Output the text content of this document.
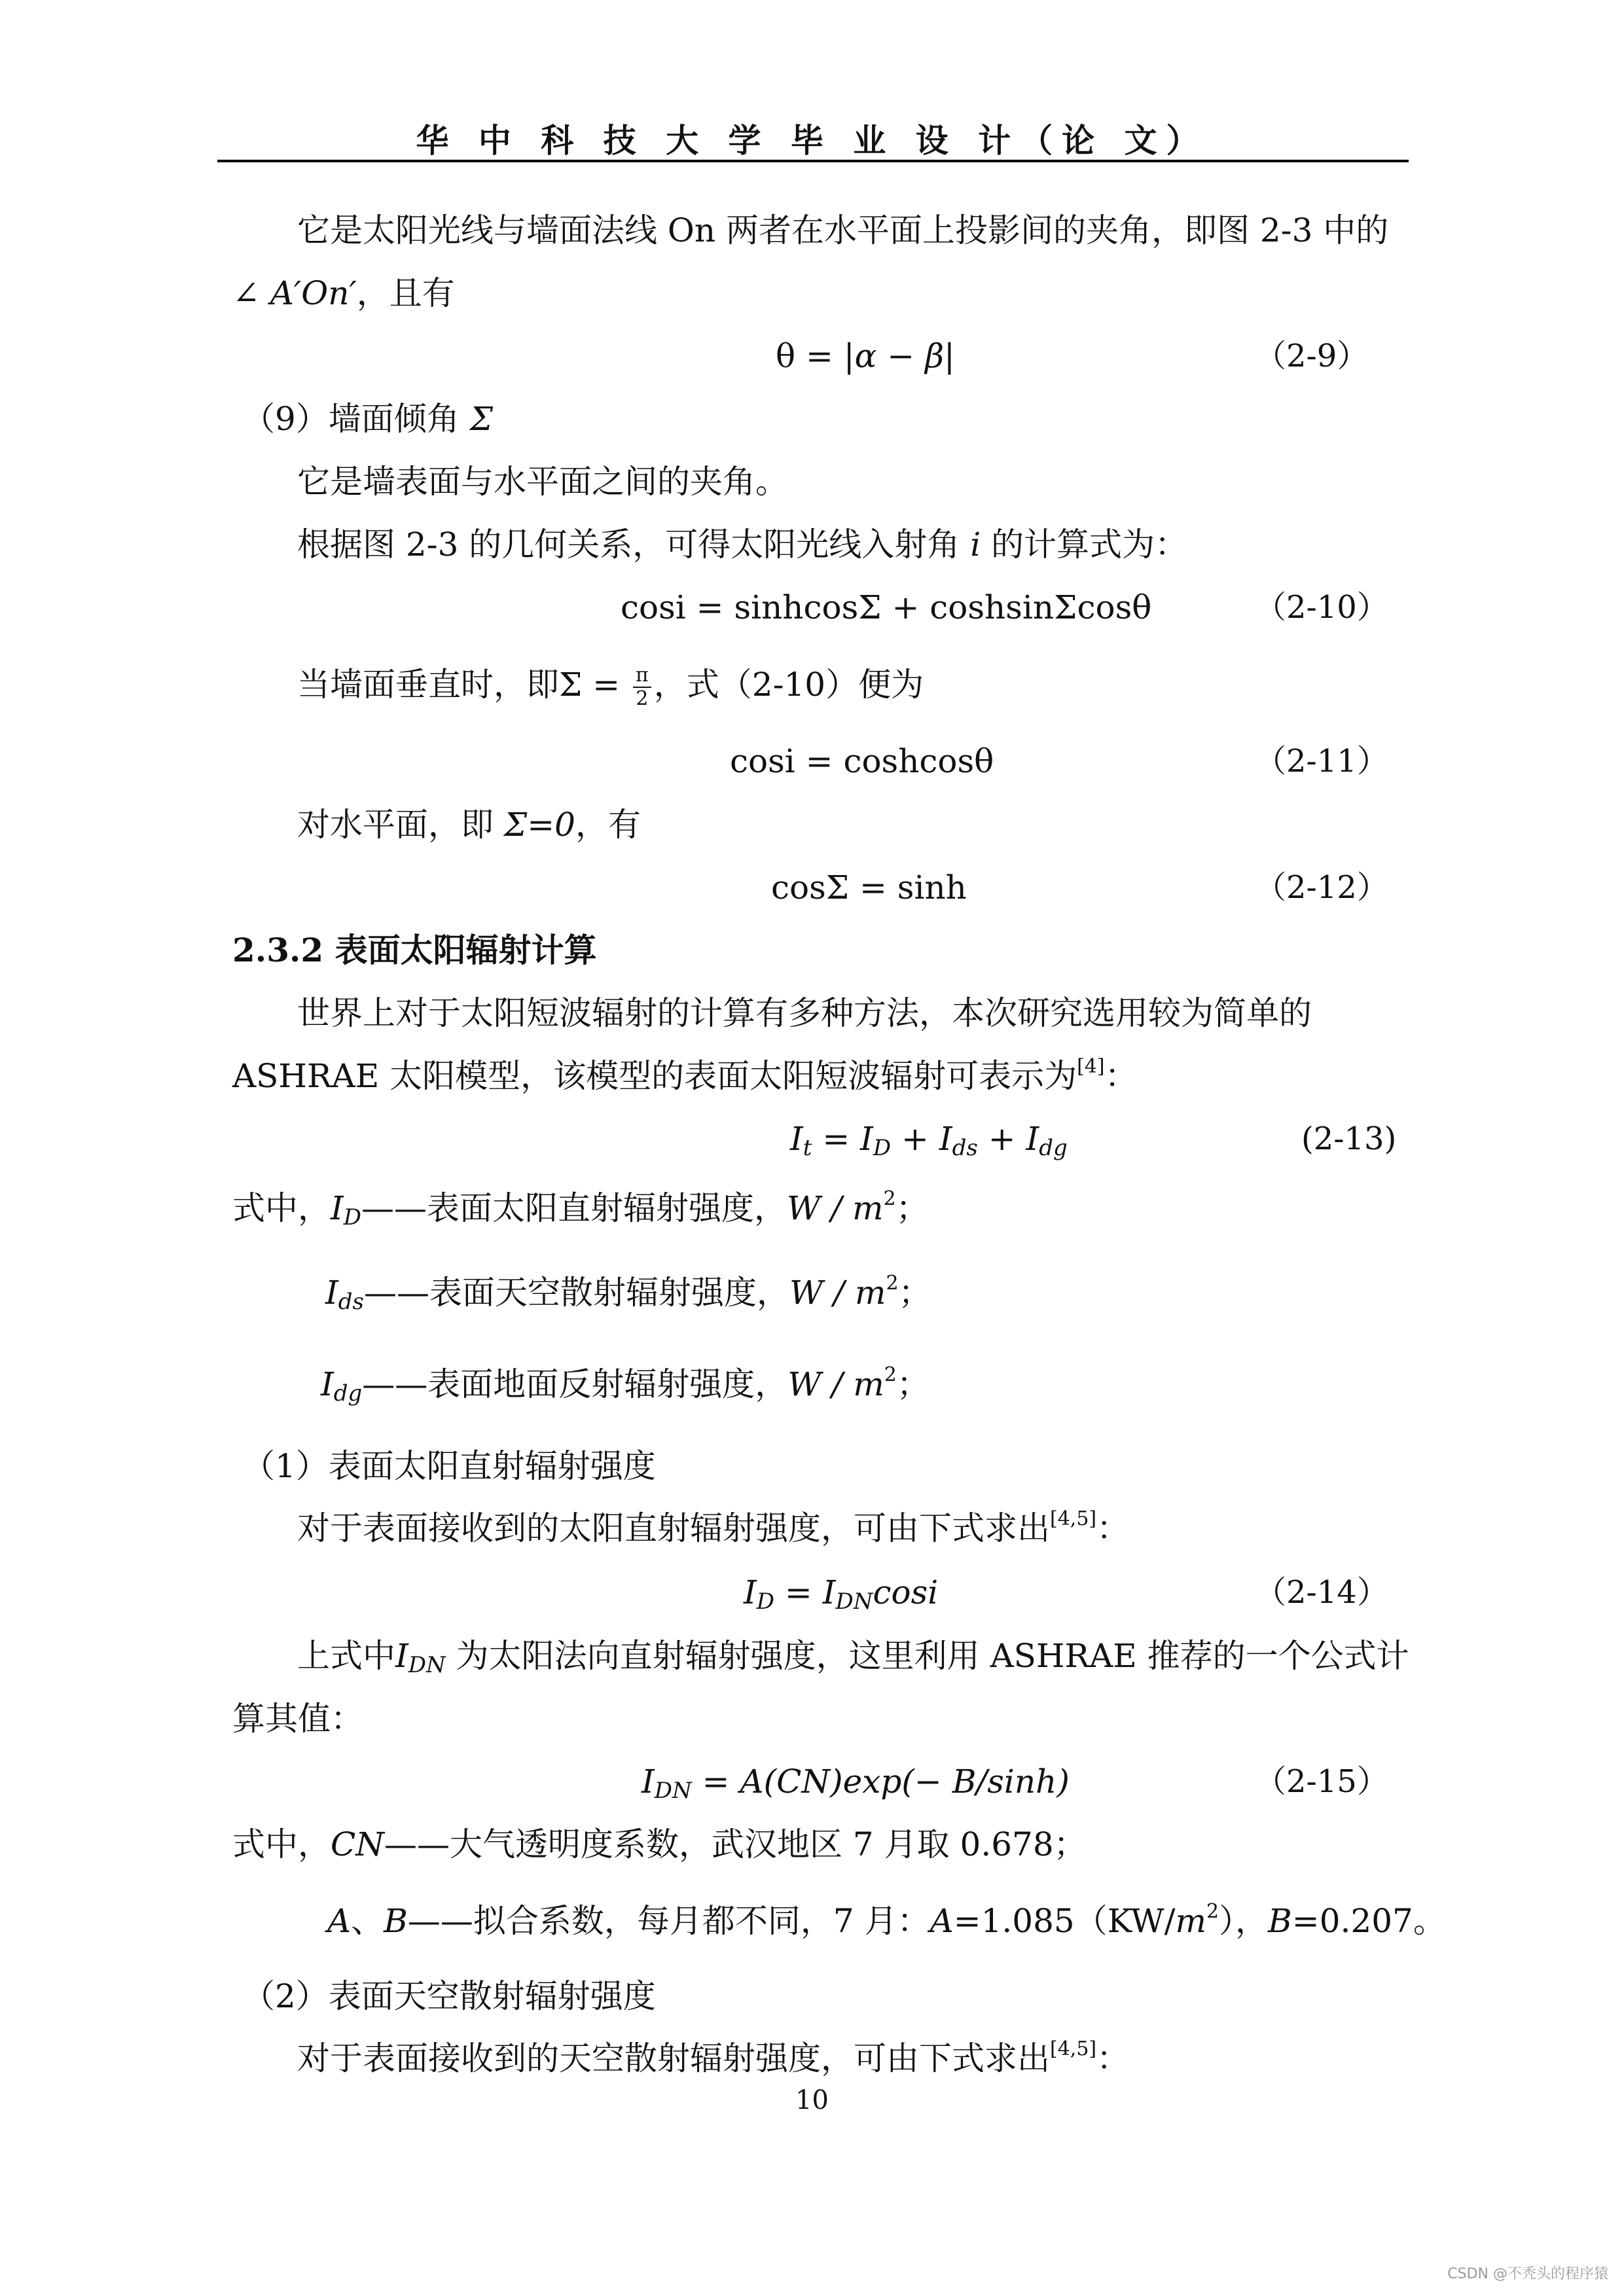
华 中 科 技 大 学 毕 业 设 计（论 文）
它是太阳光线与墙面法线 On 两者在水平面上投影间的夹角，即图 2-3 中的
∠ A′On′，且有
θ = |α − β|	（2-9）
（9）墙面倾角 Σ
它是墙表面与水平面之间的夹角。
根据图 2-3 的几何关系，可得太阳光线入射角 i 的计算式为：
cosi = sinhcosΣ + coshsinΣcosθ	（2-10）
当墙面垂直时，即$\Sigma = \frac{\pi}{2}$ ，式（2-10）便为
cosi = coshcosθ	（2-11）
对水平面，即 Σ=0，有
cosΣ = sinh	（2-12）
2.3.2 表面太阳辐射计算
世界上对于太阳短波辐射的计算有多种方法，本次研究选用较为简单的
ASHRAE 太阳模型，该模型的表面太阳短波辐射可表示为[4]：
$I_t = I_D + I_{ds} + I_{dg}$	(2-13)
式中，$I_D——$表面太阳直射辐射强度，W / $m^2$；
$I_{ds}——$表面天空散射辐射强度，W / $m^2$；
$I_{dg}——$表面地面反射辐射强度，W / $m^2$；
（1）表面太阳直射辐射强度
对于表面接收到的太阳直射辐射强度，可由下式求出[4,5]：
$I_D = I_{DN}\cos i$	（2-14）
上式中$I_{DN}$ 为太阳法向直射辐射强度，这里利用 ASHRAE 推荐的一个公式计
算其值：
$I_{DN} = A(CN)\exp(- B/\sinh)$	（2-15）
式中，CN——大气透明度系数，武汉地区 7 月取 0.678；
A、B——拟合系数，每月都不同，7 月：$A=1.085(KW/m^2)$，B=0.207。
（2）表面天空散射辐射强度
对于表面接收到的天空散射辐射强度，可由下式求出[4,5]：
10
CSDN @不秃头的程序猿
